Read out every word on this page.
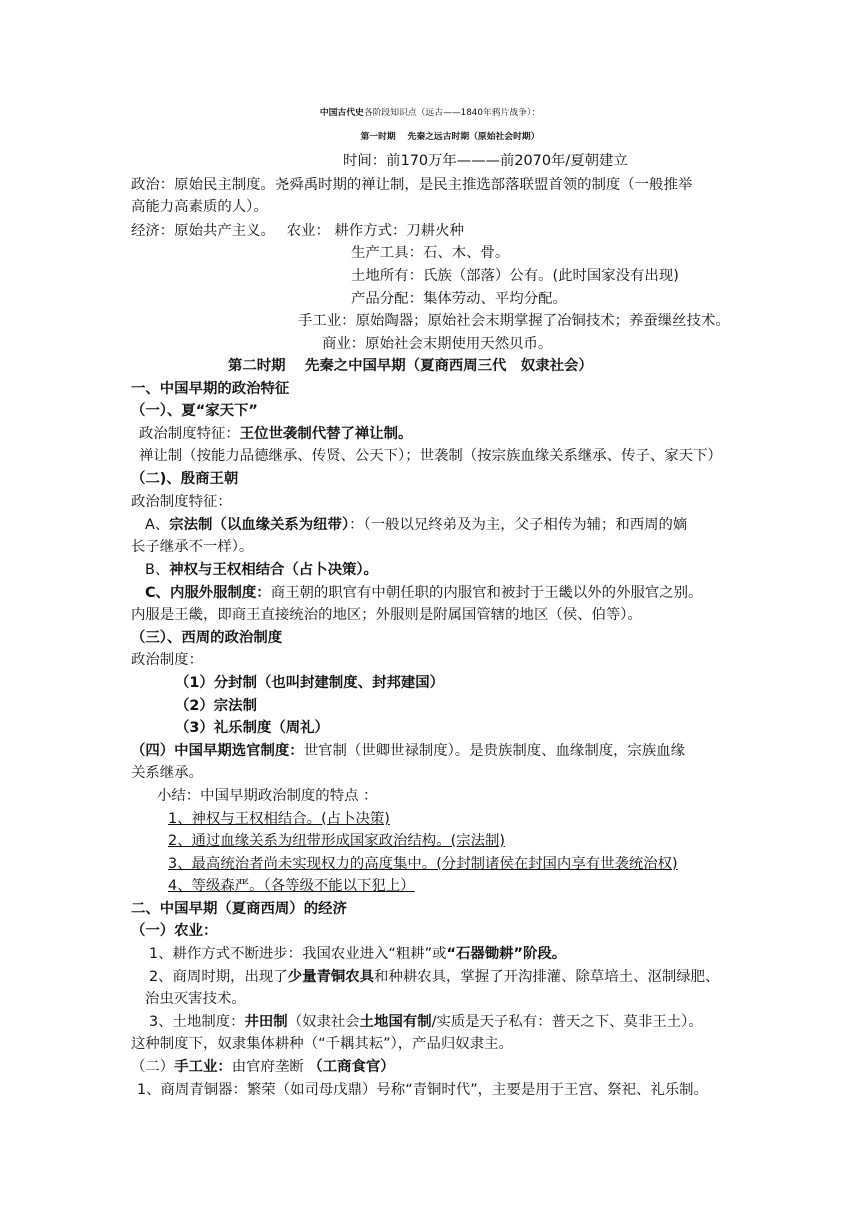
中国古代史各阶段知识点（远古——1840年鸦片战争）：
第一时期　 先秦之远古时期（原始社会时期）
时间：前170万年———前2070年/夏朝建立
政治：原始民主制度。尧舜禹时期的禅让制，是民主推选部落联盟首领的制度（一般推举
高能力高素质的人）。
经济：原始共产主义。　 农业： 耕作方式：刀耕火种
生产工具：石、木、骨。
土地所有：氏族（部落）公有。(此时国家没有出现)
产品分配：集体劳动、平均分配。
手工业：原始陶器；原始社会末期掌握了冶铜技术；养蚕缫丝技术。
商业：原始社会末期使用天然贝币。
第二时期　 先秦之中国早期（夏商西周三代　奴隶社会）
一、中国早期的政治特征
（一）、夏“家天下”
政治制度特征：王位世袭制代替了禅让制。
禅让制（按能力品德继承、传贤、公天下）；世袭制（按宗族血缘关系继承、传子、家天下）
（二)、殷商王朝
政治制度特征：
A、宗法制（以血缘关系为纽带）：（一般以兄终弟及为主，父子相传为辅；和西周的嫡
长子继承不一样）。
B、神权与王权相结合（占卜决策）。
C、内服外服制度：商王朝的职官有中朝任职的内服官和被封于王畿以外的外服官之别。
内服是王畿，即商王直接统治的地区；外服则是附属国管辖的地区（侯、伯等）。
（三）、西周的政治制度
政治制度：
（1）分封制（也叫封建制度、封邦建国）
（2）宗法制
（3）礼乐制度（周礼）
（四）中国早期选官制度：世官制（世卿世禄制度）。是贵族制度、血缘制度，宗族血缘
关系继承。
小结：中国早期政治制度的特点 ：
1、神权与王权相结合。(占卜决策)
2、通过血缘关系为纽带形成国家政治结构。(宗法制)
3、最高统治者尚未实现权力的高度集中。(分封制诸侯在封国内享有世袭统治权)
4、等级森严。（各等级不能以下犯上）
二、中国早期（夏商西周）的经济
（一）农业：
1、耕作方式不断进步：我国农业进入“粗耕”或“石器锄耕”阶段。
2、商周时期，出现了少量青铜农具和种耕农具，掌握了开沟排灌、除草培土、沤制绿肥、
治虫灭害技术。
3、土地制度：井田制（奴隶社会土地国有制/实质是天子私有：普天之下、莫非王土）。
这种制度下，奴隶集体耕种（“千耦其耘”），产品归奴隶主。
（二）手工业：由官府垄断 （工商食官）
1、商周青铜器：繁荣（如司母戊鼎）号称“青铜时代”，主要是用于王宫、祭祀、礼乐制。
